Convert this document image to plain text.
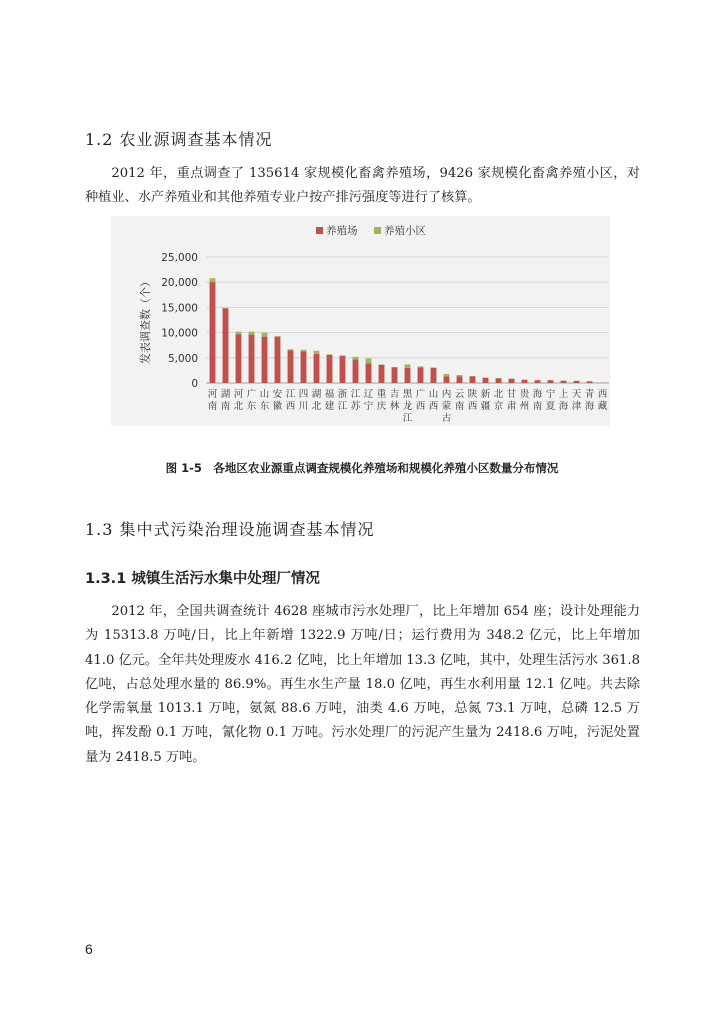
1.2 农业源调查基本情况

2012 年，重点调查了 135614 家规模化畜禽养殖场，9426 家规模化畜禽养殖小区，对种植业、水产养殖业和其他养殖专业户按产排污强度等进行了核算。

0
5,000
10,000
15,000
20,000
25,000
发表调查数（个）
养殖场	养殖小区
河南
湖南
河北
广东
山东
安徽
江西
四川
湖北
福建
浙江
江苏
辽宁
重庆
吉林
黑龙江
广西
山西
内蒙古
云南
陕西
新疆
北京
甘肃
贵州
海南
宁夏
上海
天津
青海
西藏
图 1-5　各地区农业源重点调查规模化养殖场和规模化养殖小区数量分布情况
1.3 集中式污染治理设施调查基本情况
1.3.1 城镇生活污水集中处理厂情况

2012 年，全国共调查统计 4628 座城市污水处理厂，比上年增加 654 座；设计处理能力为 15313.8 万吨/日，比上年新增 1322.9 万吨/日；运行费用为 348.2 亿元，比上年增加 41.0 亿元。全年共处理废水 416.2 亿吨，比上年增加 13.3 亿吨，其中，处理生活污水 361.8 亿吨，占总处理水量的 86.9%。再生水生产量 18.0 亿吨，再生水利用量 12.1 亿吨。共去除化学需氧量 1013.1 万吨，氨氮 88.6 万吨，油类 4.6 万吨，总氮 73.1 万吨，总磷 12.5 万吨，挥发酚 0.1 万吨，氰化物 0.1 万吨。污水处理厂的污泥产生量为 2418.6 万吨，污泥处置量为 2418.5 万吨。

6
